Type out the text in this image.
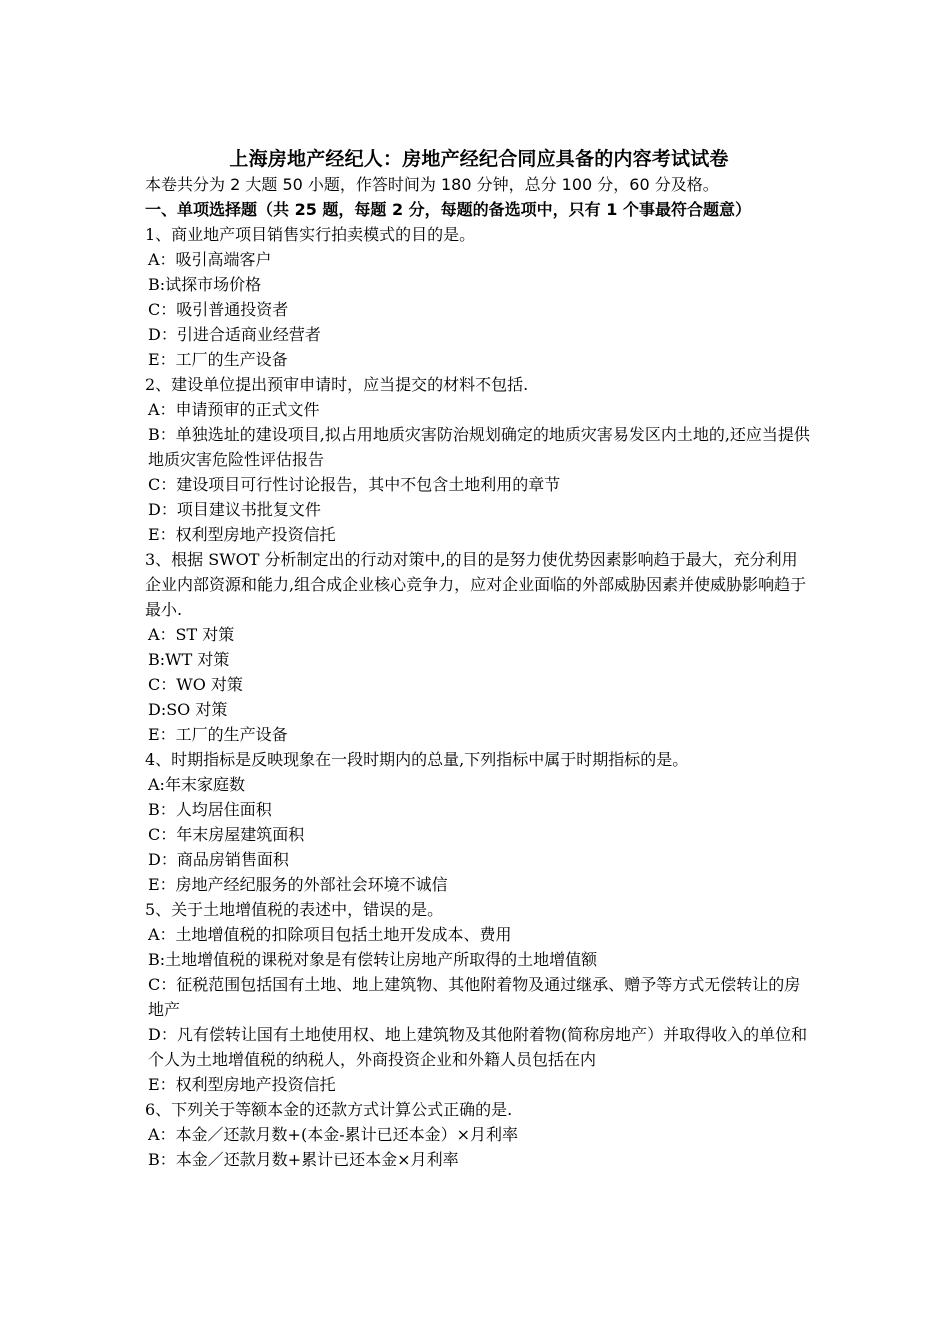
上海房地产经纪人：房地产经纪合同应具备的内容考试试卷

本卷共分为 2 大题 50 小题，作答时间为 180 分钟，总分 100 分，60 分及格。

一、单项选择题（共 25 题，每题 2 分，每题的备选项中，只有 1 个事最符合题意）

1、商业地产项目销售实行拍卖模式的目的是。

A：吸引高端客户

B:试探市场价格

C：吸引普通投资者

D：引进合适商业经营者

E：工厂的生产设备

2、建设单位提出预审申请时，应当提交的材料不包括.

A：申请预审的正式文件

B：单独选址的建设项目,拟占用地质灾害防治规划确定的地质灾害易发区内土地的,还应当提供地质灾害危险性评估报告

C：建设项目可行性讨论报告，其中不包含土地利用的章节

D：项目建议书批复文件

E：权利型房地产投资信托

3、根据 SWOT 分析制定出的行动对策中,的目的是努力使优势因素影响趋于最大，充分利用企业内部资源和能力,组合成企业核心竞争力，应对企业面临的外部威胁因素并使威胁影响趋于最小.

A：ST 对策

B:WT 对策

C：WO 对策

D:SO 对策

E：工厂的生产设备

4、时期指标是反映现象在一段时期内的总量,下列指标中属于时期指标的是。

A:年末家庭数

B：人均居住面积

C：年末房屋建筑面积

D：商品房销售面积

E：房地产经纪服务的外部社会环境不诚信

5、关于土地增值税的表述中，错误的是。

A：土地增值税的扣除项目包括土地开发成本、费用

B:土地增值税的课税对象是有偿转让房地产所取得的土地增值额

C：征税范围包括国有土地、地上建筑物、其他附着物及通过继承、赠予等方式无偿转让的房地产

D：凡有偿转让国有土地使用权、地上建筑物及其他附着物(简称房地产）并取得收入的单位和个人为土地增值税的纳税人，外商投资企业和外籍人员包括在内

E：权利型房地产投资信托

6、下列关于等额本金的还款方式计算公式正确的是.

A：本金／还款月数+(本金-累计已还本金）×月利率

B：本金／还款月数+累计已还本金×月利率
